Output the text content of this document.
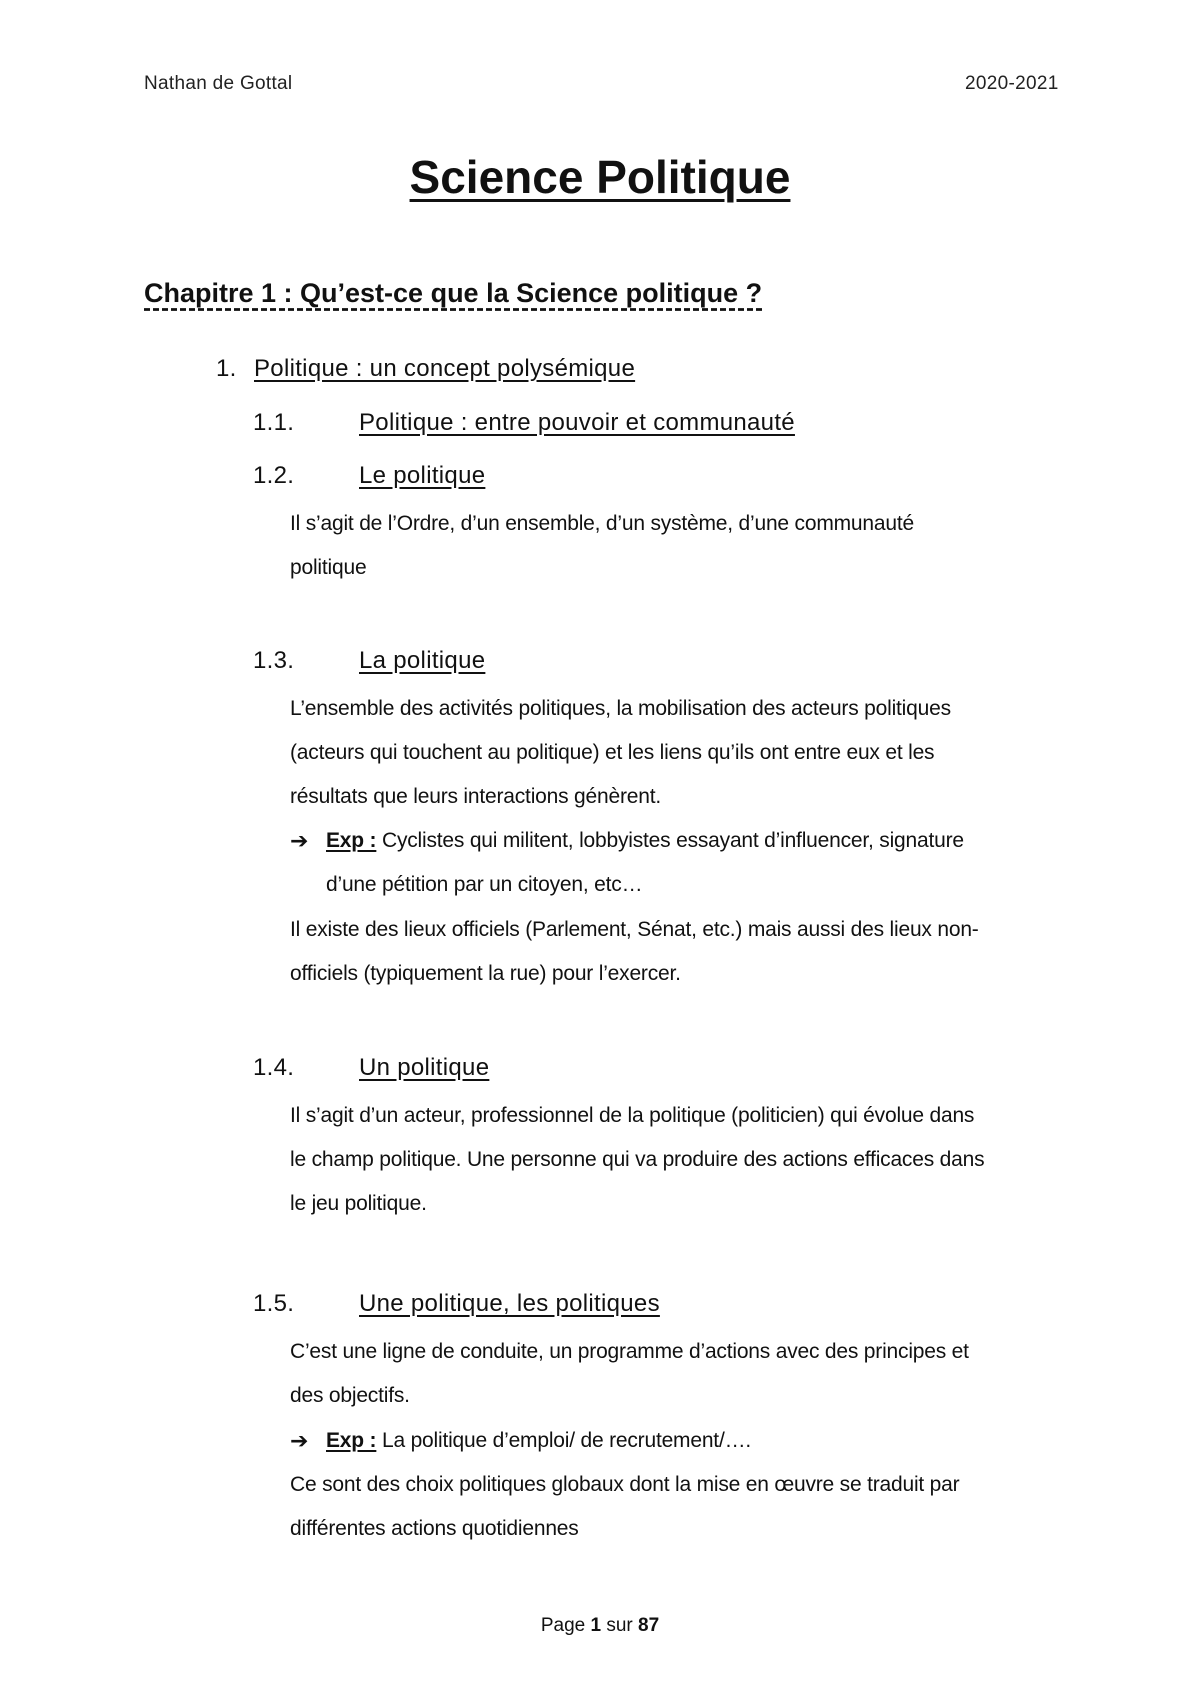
Nathan de Gottal	2020-2021
Science Politique
Chapitre 1 : Qu’est-ce que la Science politique ?
1. Politique : un concept polysémique
1.1.	Politique : entre pouvoir et communauté
1.2.	Le politique
Il s’agit de l’Ordre, d’un ensemble, d’un système, d’une communauté
politique
1.3.	La politique
L’ensemble des activités politiques, la mobilisation des acteurs politiques
(acteurs qui touchent au politique) et les liens qu’ils ont entre eux et les
résultats que leurs interactions génèrent.
➔ Exp : Cyclistes qui militent, lobbyistes essayant d’influencer, signature
d’une pétition par un citoyen, etc…
Il existe des lieux officiels (Parlement, Sénat, etc.) mais aussi des lieux non-
officiels (typiquement la rue) pour l’exercer.
1.4.	Un politique
Il s’agit d’un acteur, professionnel de la politique (politicien) qui évolue dans
le champ politique. Une personne qui va produire des actions efficaces dans
le jeu politique.
1.5.	Une politique, les politiques
C’est une ligne de conduite, un programme d’actions avec des principes et
des objectifs.
➔ Exp : La politique d’emploi/ de recrutement/….
Ce sont des choix politiques globaux dont la mise en œuvre se traduit par
différentes actions quotidiennes
Page 1 sur 87
